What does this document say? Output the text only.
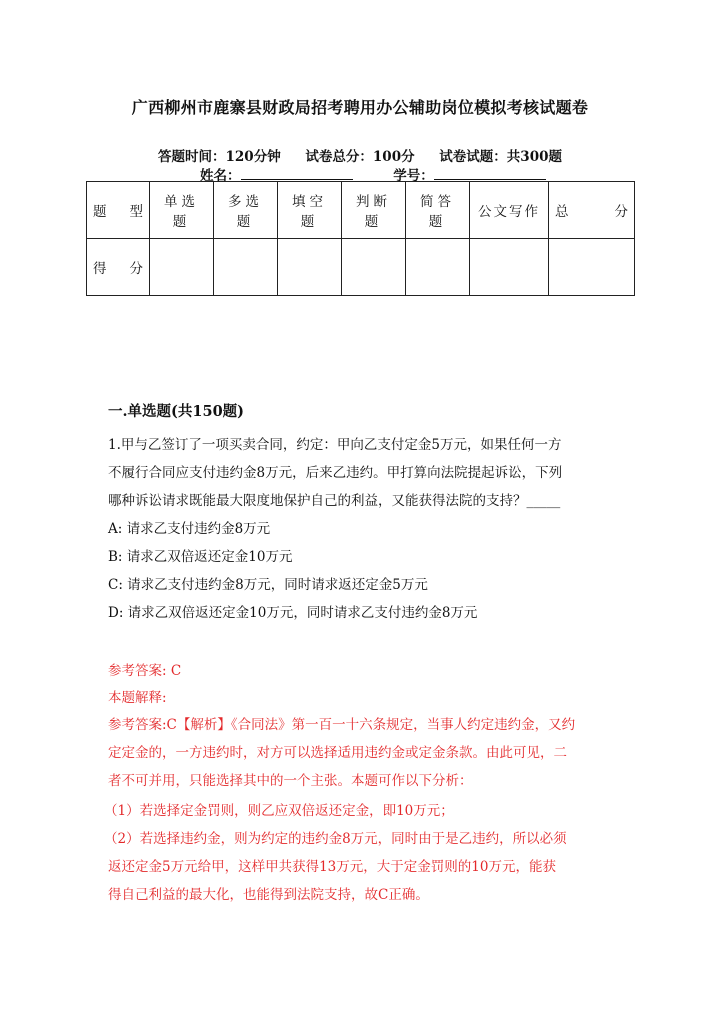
广西柳州市鹿寨县财政局招考聘用办公辅助岗位模拟考核试题卷
答题时间：120分钟 试卷总分：100分 试卷试题：共300题
姓名：	学号：
题 型	单选题	多选题	填空题	判断题	简答题	公文写作	总 分

得 分							

一.单选题(共150题)
1.甲与乙签订了一项买卖合同，约定：甲向乙支付定金5万元，如果任何一方
不履行合同应支付违约金8万元，后来乙违约。甲打算向法院提起诉讼，下列
哪种诉讼请求既能最大限度地保护自己的利益，又能获得法院的支持？_____
A: 请求乙支付违约金8万元
B: 请求乙双倍返还定金10万元
C: 请求乙支付违约金8万元，同时请求返还定金5万元
D: 请求乙双倍返还定金10万元，同时请求乙支付违约金8万元
参考答案: C
本题解释:
参考答案:C【解析】《合同法》第一百一十六条规定，当事人约定违约金，又约
定定金的，一方违约时，对方可以选择适用违约金或定金条款。由此可见，二
者不可并用，只能选择其中的一个主张。本题可作以下分析：
（1）若选择定金罚则，则乙应双倍返还定金，即10万元；
（2）若选择违约金，则为约定的违约金8万元，同时由于是乙违约，所以必须
返还定金5万元给甲，这样甲共获得13万元，大于定金罚则的10万元，能获
得自己利益的最大化，也能得到法院支持，故C正确。
